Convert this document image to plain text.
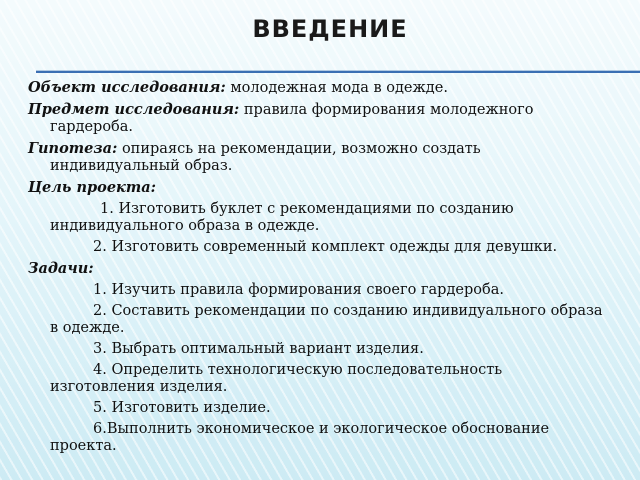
ВВЕДЕНИЕ

Объект исследования: молодежная мода в одежде.

Предмет исследования: правила формирования молодежного гардероба.

Гипотеза: опираясь на рекомендации, возможно создать индивидуальный образ.

Цель проекта:

1. Изготовить буклет с рекомендациями по созданию индивидуального образа в одежде.

2. Изготовить современный комплект одежды для девушки.

Задачи:

1. Изучить правила формирования своего гардероба.

2. Составить рекомендации по созданию индивидуального образа в одежде.

3. Выбрать оптимальный вариант изделия.

4. Определить технологическую последовательность изготовления изделия.

5. Изготовить изделие.

6.Выполнить экономическое и экологическое обоснование проекта.
